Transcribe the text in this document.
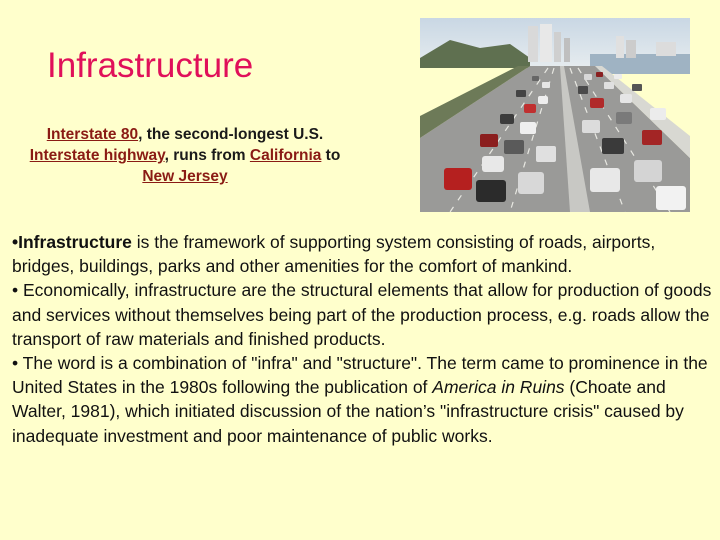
Infrastructure
Interstate 80, the second-longest U.S. Interstate highway, runs from California to New Jersey

•Infrastructure is the framework of supporting system consisting of roads, airports, bridges, buildings, parks and other amenities for the comfort of mankind.

• Economically, infrastructure are the structural elements that allow for production of goods and services without themselves being part of the production process, e.g. roads allow the transport of raw materials and finished products.

• The word is a combination of "infra" and "structure". The term came to prominence in the United States in the 1980s following the publication of America in Ruins (Choate and Walter, 1981), which initiated discussion of the nation’s "infrastructure crisis" caused by inadequate investment and poor maintenance of public works.
